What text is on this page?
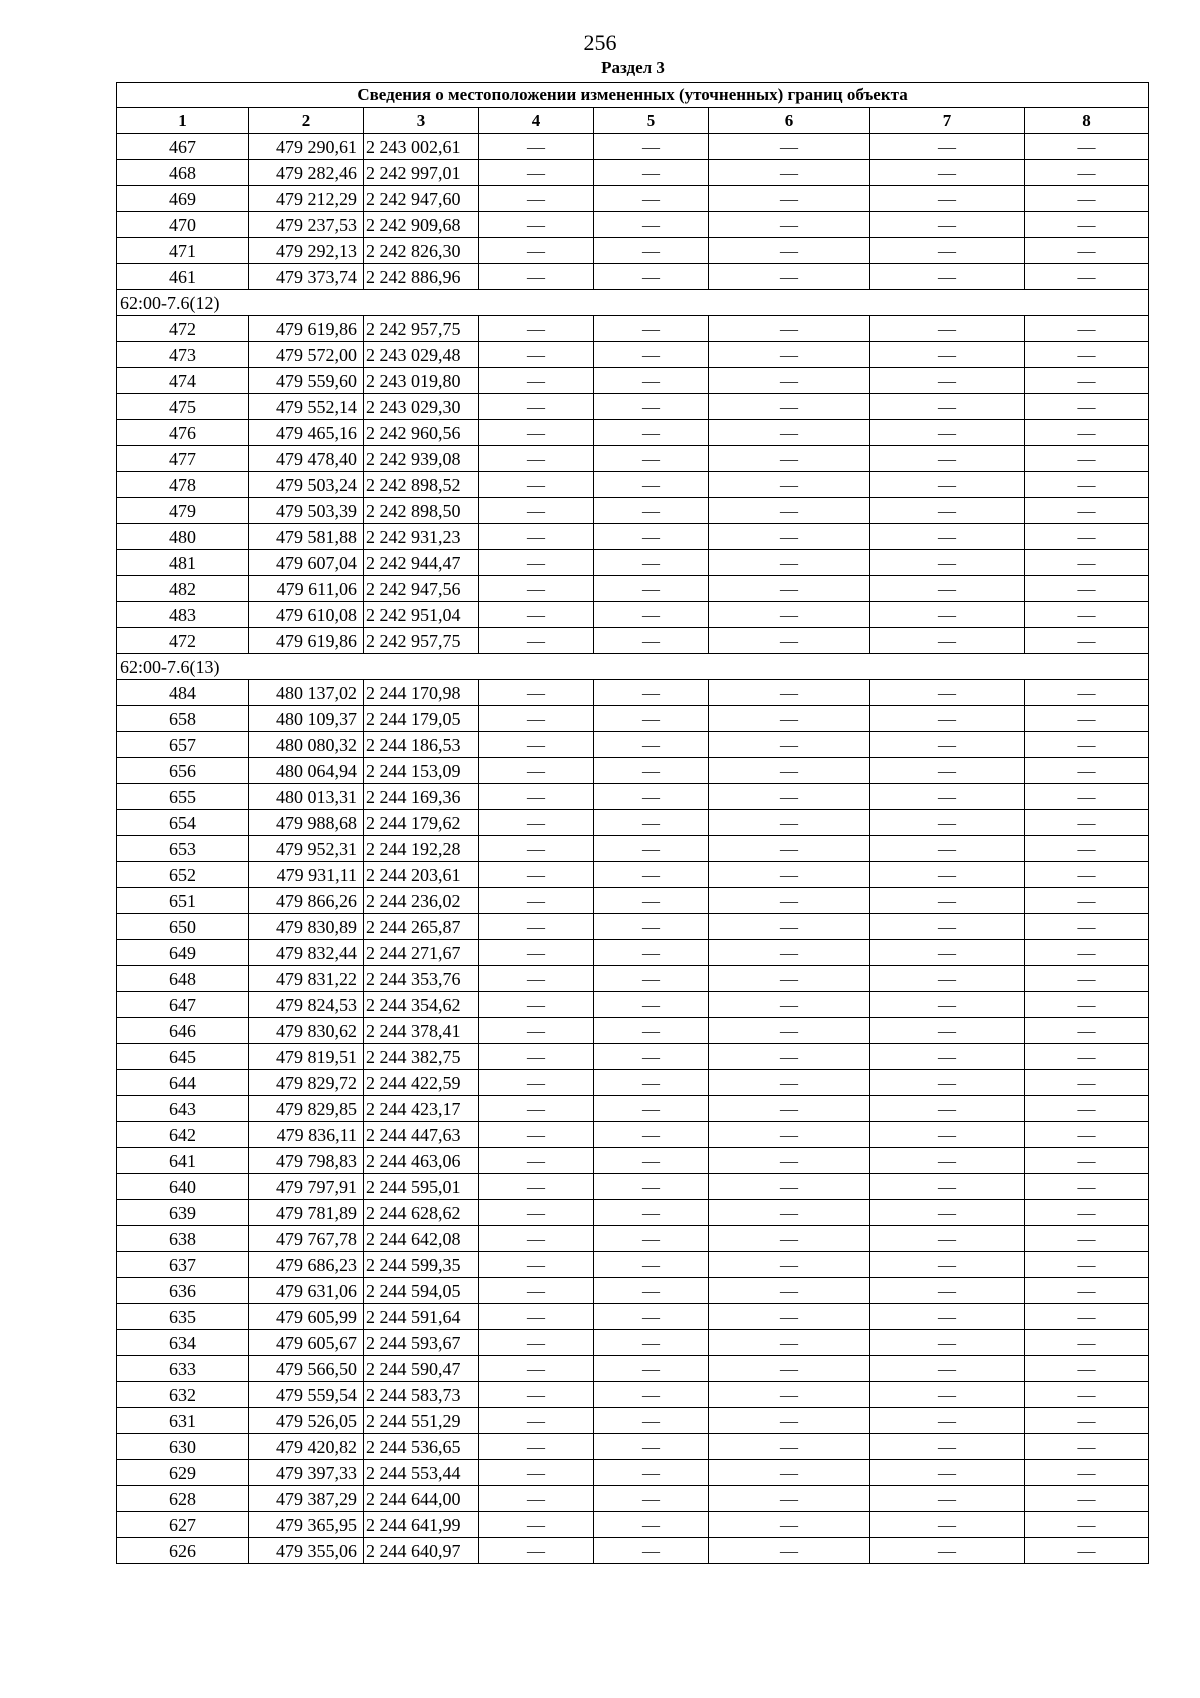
256
Раздел 3
Сведения о местоположении измененных (уточненных) границ объекта							
1	2	3	4	5	6	7	8
467	479 290,61	2 243 002,61	—	—	—	—	—
468	479 282,46	2 242 997,01	—	—	—	—	—
469	479 212,29	2 242 947,60	—	—	—	—	—
470	479 237,53	2 242 909,68	—	—	—	—	—
471	479 292,13	2 242 826,30	—	—	—	—	—
461	479 373,74	2 242 886,96	—	—	—	—	—
62:00-7.6(12)							
472	479 619,86	2 242 957,75	—	—	—	—	—
473	479 572,00	2 243 029,48	—	—	—	—	—
474	479 559,60	2 243 019,80	—	—	—	—	—
475	479 552,14	2 243 029,30	—	—	—	—	—
476	479 465,16	2 242 960,56	—	—	—	—	—
477	479 478,40	2 242 939,08	—	—	—	—	—
478	479 503,24	2 242 898,52	—	—	—	—	—
479	479 503,39	2 242 898,50	—	—	—	—	—
480	479 581,88	2 242 931,23	—	—	—	—	—
481	479 607,04	2 242 944,47	—	—	—	—	—
482	479 611,06	2 242 947,56	—	—	—	—	—
483	479 610,08	2 242 951,04	—	—	—	—	—
472	479 619,86	2 242 957,75	—	—	—	—	—
62:00-7.6(13)							
484	480 137,02	2 244 170,98	—	—	—	—	—
658	480 109,37	2 244 179,05	—	—	—	—	—
657	480 080,32	2 244 186,53	—	—	—	—	—
656	480 064,94	2 244 153,09	—	—	—	—	—
655	480 013,31	2 244 169,36	—	—	—	—	—
654	479 988,68	2 244 179,62	—	—	—	—	—
653	479 952,31	2 244 192,28	—	—	—	—	—
652	479 931,11	2 244 203,61	—	—	—	—	—
651	479 866,26	2 244 236,02	—	—	—	—	—
650	479 830,89	2 244 265,87	—	—	—	—	—
649	479 832,44	2 244 271,67	—	—	—	—	—
648	479 831,22	2 244 353,76	—	—	—	—	—
647	479 824,53	2 244 354,62	—	—	—	—	—
646	479 830,62	2 244 378,41	—	—	—	—	—
645	479 819,51	2 244 382,75	—	—	—	—	—
644	479 829,72	2 244 422,59	—	—	—	—	—
643	479 829,85	2 244 423,17	—	—	—	—	—
642	479 836,11	2 244 447,63	—	—	—	—	—
641	479 798,83	2 244 463,06	—	—	—	—	—
640	479 797,91	2 244 595,01	—	—	—	—	—
639	479 781,89	2 244 628,62	—	—	—	—	—
638	479 767,78	2 244 642,08	—	—	—	—	—
637	479 686,23	2 244 599,35	—	—	—	—	—
636	479 631,06	2 244 594,05	—	—	—	—	—
635	479 605,99	2 244 591,64	—	—	—	—	—
634	479 605,67	2 244 593,67	—	—	—	—	—
633	479 566,50	2 244 590,47	—	—	—	—	—
632	479 559,54	2 244 583,73	—	—	—	—	—
631	479 526,05	2 244 551,29	—	—	—	—	—
630	479 420,82	2 244 536,65	—	—	—	—	—
629	479 397,33	2 244 553,44	—	—	—	—	—
628	479 387,29	2 244 644,00	—	—	—	—	—
627	479 365,95	2 244 641,99	—	—	—	—	—
626	479 355,06	2 244 640,97	—	—	—	—	—
